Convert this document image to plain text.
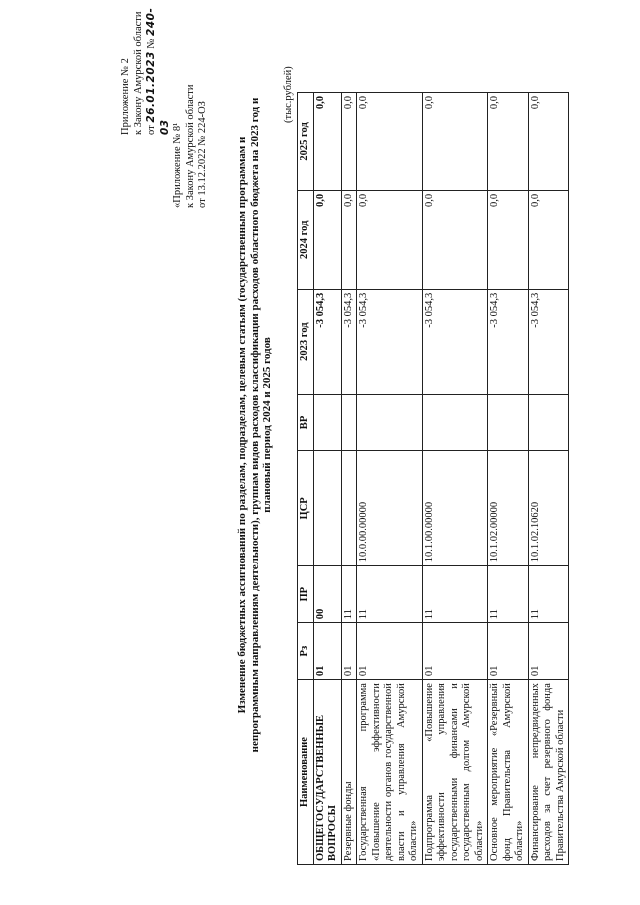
Приложение № 2 к Закону Амурской области от 26.01.2023 № 240-03 «Приложение № 8¹ к Закону Амурской области от 13.12.2022 № 224-ОЗ	Изменение бюджетных ассигнований по разделам, подразделам, целевым статьям (государственным программам и непрограммным направлениям деятельности), группам видов расходов классификации расходов областного бюджета на 2023 год и плановый период 2024 и 2025 годов
(тыс.рублей)
Наименование	Рз	ПР	ЦСР	ВР	2023 год	2024 год	2025 год
ОБЩЕГОСУДАРСТВЕННЫЕ ВОПРОСЫ	01	00			-3 054,3	0,0	0,0
Резервные фонды	01	11			-3 054,3	0,0	0,0
Государственная программа «Повышение эффективности деятельности органов государственной власти и управления Амурской области»	01	11	10.0.00.00000		-3 054,3	0,0	0,0
Подпрограмма «Повышение эффективности управления государственными финансами и государственным долгом Амурской области»	01	11	10.1.00.00000		-3 054,3	0,0	0,0
Основное мероприятие «Резервный фонд Правительства Амурской области»	01	11	10.1.02.00000		-3 054,3	0,0	0,0
Финансирование непредвиденных расходов за счет резервного фонда Правительства Амурской области	01	11	10.1.02.10620		-3 054,3	0,0	0,0
